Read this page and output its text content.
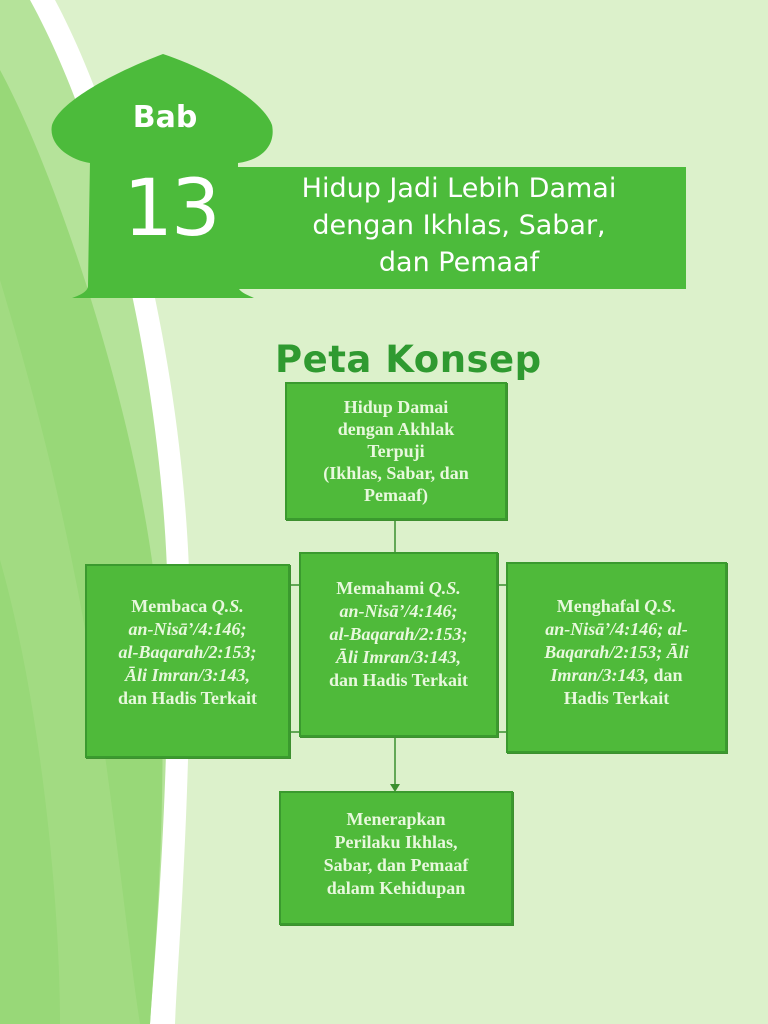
Bab
13	Hidup Jadi Lebih Damai
dengan Ikhlas, Sabar,
dan Pemaaf
Peta Konsep
Hidup Damai
dengan Akhlak
Terpuji
(Ikhlas, Sabar, dan
Pemaaf)
Membaca Q.S.
an-Nisā’/4:146;
al-Baqarah/2:153;
Āli Imran/3:143,
dan Hadis Terkait
Memahami Q.S.
an-Nisā’/4:146;
al-Baqarah/2:153;
Āli Imran/3:143,
dan Hadis Terkait
Menghafal Q.S.
an-Nisā’/4:146; al-
Baqarah/2:153; Āli
Imran/3:143, dan
Hadis Terkait
Menerapkan
Perilaku Ikhlas,
Sabar, dan Pemaaf
dalam Kehidupan
